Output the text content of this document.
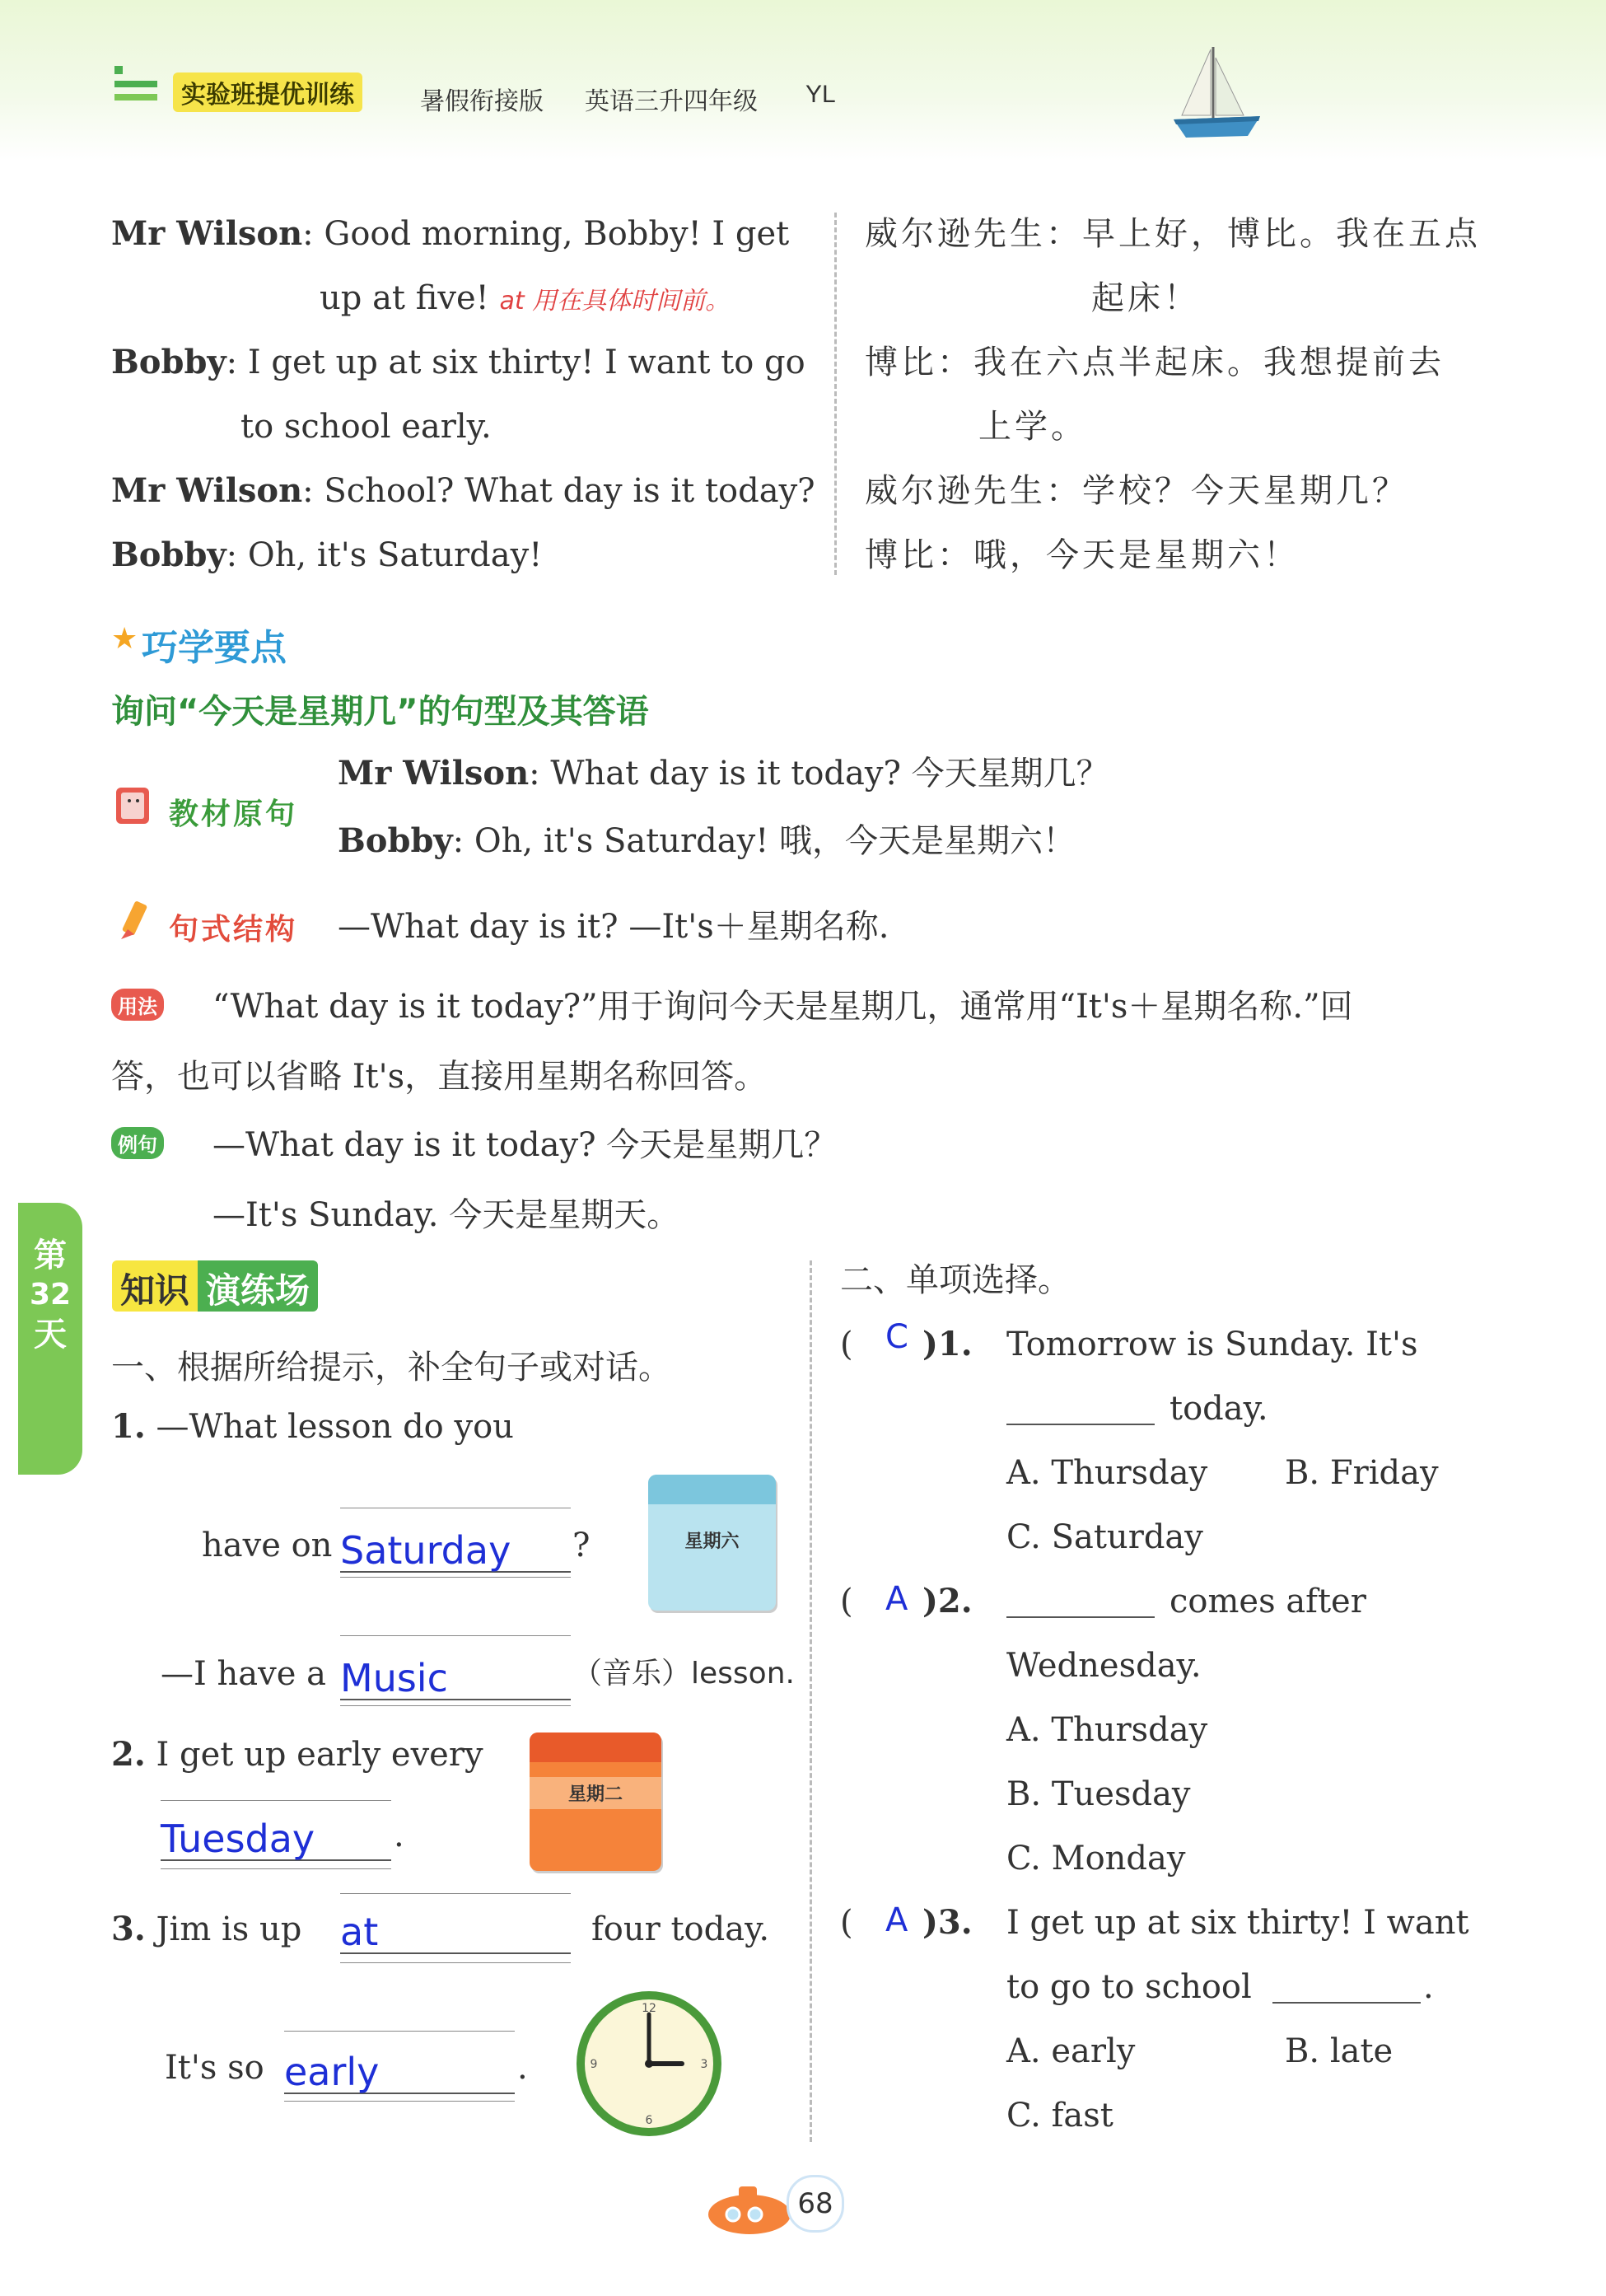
实验班提优训练	暑假衔接版 英语三升四年级 YL
Mr Wilson: Good morning, Bobby! I get
up at five! at 用在具体时间前。
Bobby: I get up at six thirty! I want to go
to school early.
Mr Wilson: School? What day is it today?
Bobby: Oh, it's Saturday!
威尔逊先生：早上好，博比。我在五点
起床！
博比：我在六点半起床。我想提前去
上学。
威尔逊先生：学校？今天星期几？
博比：哦，今天是星期六！
★ 巧学要点
询问“今天是星期几”的句型及其答语
教材原句
Mr Wilson: What day is it today? 今天星期几？
Bobby: Oh, it's Saturday! 哦，今天是星期六！
句式结构 —What day is it? —It's＋星期名称.
用法 “What day is it today?”用于询问今天是星期几，通常用“It's＋星期名称.”回
答，也可以省略 It's，直接用星期名称回答。
例句 —What day is it today? 今天是星期几？
—It's Sunday. 今天是星期天。
第
32
天
知识 演练场
一、根据所给提示，补全句子或对话。
1. —What lesson do you
have on Saturday	?	星期六
—I have a Music	（音乐）lesson.
2. I get up early every
Tuesday	.
星期二
3. Jim is up at	four today.
It's so early	.
12
3
6
9
二、单项选择。
( C )1. Tomorrow is Sunday. It's
today.
A. Thursday B. Friday
C. Saturday
( A )2.	comes after
Wednesday.
A. Thursday
B. Tuesday
C. Monday
( A )3. I get up at six thirty! I want
to go to school	.
A. early	B. late
C. fast
68
